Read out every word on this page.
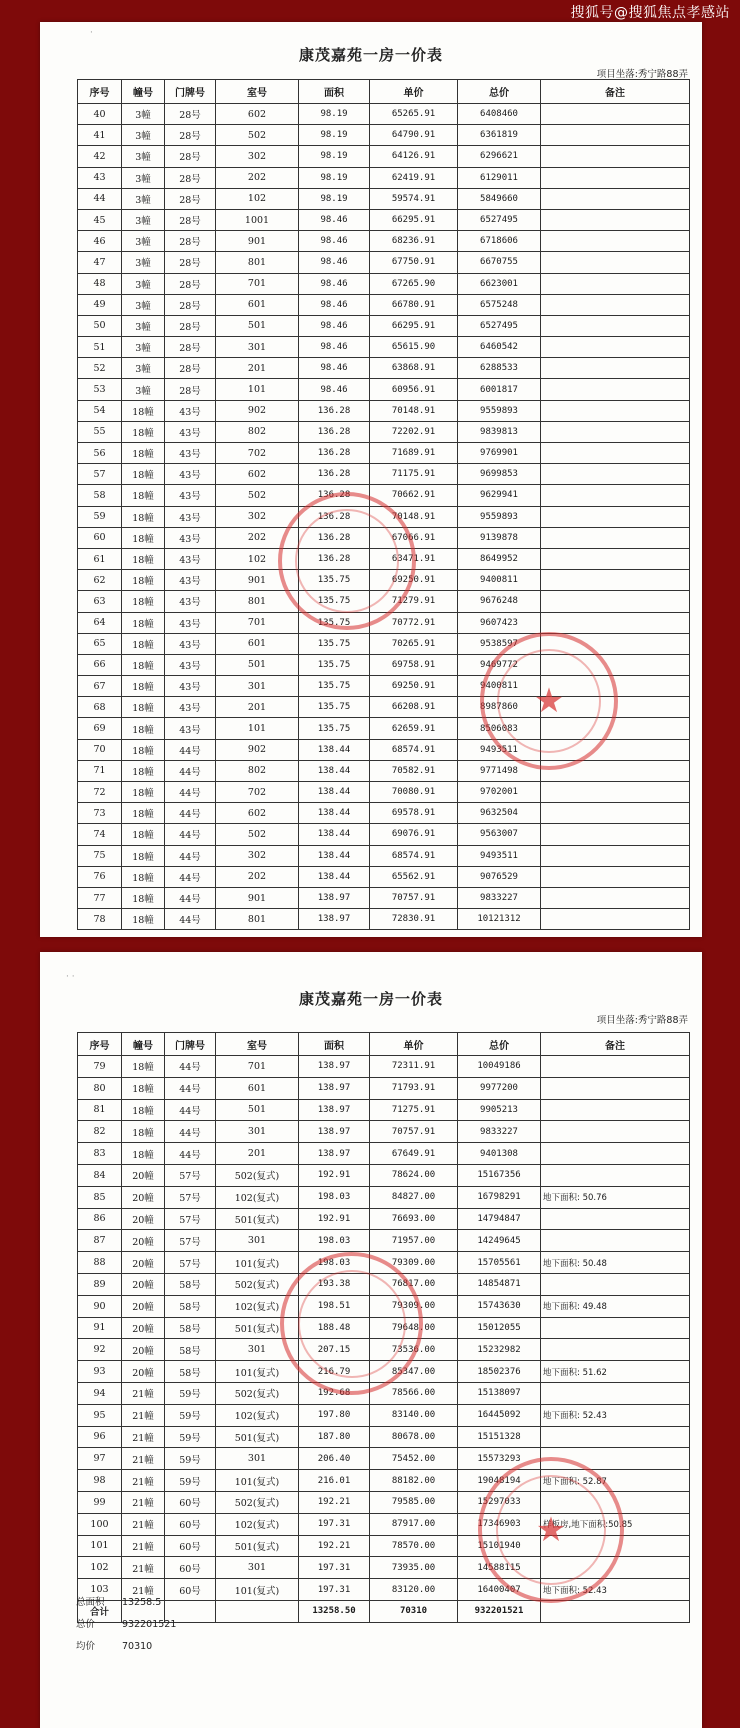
搜狐号@搜狐焦点孝感站
·
康茂嘉苑一房一价表
项目坐落:秀宁路88弄
序号	幢号	门牌号	室号	面积	单价	总价	备注
40	3幢	28号	602	98.19	65265.91	6408460	
41	3幢	28号	502	98.19	64790.91	6361819	
42	3幢	28号	302	98.19	64126.91	6296621	
43	3幢	28号	202	98.19	62419.91	6129011	
44	3幢	28号	102	98.19	59574.91	5849660	
45	3幢	28号	1001	98.46	66295.91	6527495	
46	3幢	28号	901	98.46	68236.91	6718606	
47	3幢	28号	801	98.46	67750.91	6670755	
48	3幢	28号	701	98.46	67265.90	6623001	
49	3幢	28号	601	98.46	66780.91	6575248	
50	3幢	28号	501	98.46	66295.91	6527495	
51	3幢	28号	301	98.46	65615.90	6460542	
52	3幢	28号	201	98.46	63868.91	6288533	
53	3幢	28号	101	98.46	60956.91	6001817	
54	18幢	43号	902	136.28	70148.91	9559893	
55	18幢	43号	802	136.28	72202.91	9839813	
56	18幢	43号	702	136.28	71689.91	9769901	
57	18幢	43号	602	136.28	71175.91	9699853	
58	18幢	43号	502	136.28	70662.91	9629941	
59	18幢	43号	302	136.28	70148.91	9559893	
60	18幢	43号	202	136.28	67066.91	9139878	
61	18幢	43号	102	136.28	63471.91	8649952	
62	18幢	43号	901	135.75	69250.91	9400811	
63	18幢	43号	801	135.75	71279.91	9676248	
64	18幢	43号	701	135.75	70772.91	9607423	
65	18幢	43号	601	135.75	70265.91	9538597	
66	18幢	43号	501	135.75	69758.91	9469772	
67	18幢	43号	301	135.75	69250.91	9400811	
68	18幢	43号	201	135.75	66208.91	8987860	
69	18幢	43号	101	135.75	62659.91	8506083	
70	18幢	44号	902	138.44	68574.91	9493511	
71	18幢	44号	802	138.44	70582.91	9771498	
72	18幢	44号	702	138.44	70080.91	9702001	
73	18幢	44号	602	138.44	69578.91	9632504	
74	18幢	44号	502	138.44	69076.91	9563007	
75	18幢	44号	302	138.44	68574.91	9493511	
76	18幢	44号	202	138.44	65562.91	9076529	
77	18幢	44号	901	138.97	70757.91	9833227	
78	18幢	44号	801	138.97	72830.91	10121312	
★
· ·
康茂嘉苑一房一价表
项目坐落:秀宁路88弄
序号	幢号	门牌号	室号	面积	单价	总价	备注
79	18幢	44号	701	138.97	72311.91	10049186	
80	18幢	44号	601	138.97	71793.91	9977200	
81	18幢	44号	501	138.97	71275.91	9905213	
82	18幢	44号	301	138.97	70757.91	9833227	
83	18幢	44号	201	138.97	67649.91	9401308	
84	20幢	57号	502(复式)	192.91	78624.00	15167356	
85	20幢	57号	102(复式)	198.03	84827.00	16798291	地下面积: 50.76
86	20幢	57号	501(复式)	192.91	76693.00	14794847	
87	20幢	57号	301	198.03	71957.00	14249645	
88	20幢	57号	101(复式)	198.03	79309.00	15705561	地下面积: 50.48
89	20幢	58号	502(复式)	193.38	76817.00	14854871	
90	20幢	58号	102(复式)	198.51	79309.00	15743630	地下面积: 49.48
91	20幢	58号	501(复式)	188.48	79648.00	15012055	
92	20幢	58号	301	207.15	73536.00	15232982	
93	20幢	58号	101(复式)	216.79	85347.00	18502376	地下面积: 51.62
94	21幢	59号	502(复式)	192.68	78566.00	15138097	
95	21幢	59号	102(复式)	197.80	83140.00	16445092	地下面积: 52.43
96	21幢	59号	501(复式)	187.80	80678.00	15151328	
97	21幢	59号	301	206.40	75452.00	15573293	
98	21幢	59号	101(复式)	216.01	88182.00	19048194	地下面积: 52.87
99	21幢	60号	502(复式)	192.21	79585.00	15297033	
100	21幢	60号	102(复式)	197.31	87917.00	17346903	样板房,地下面积:50.85
101	21幢	60号	501(复式)	192.21	78570.00	15101940	
102	21幢	60号	301	197.31	73935.00	14588115	
103	21幢	60号	101(复式)	197.31	83120.00	16400407	地下面积: 52.43
合计				13258.50	70310	932201521	
★
总面积 13258.5
总价	932201521
均价	70310
